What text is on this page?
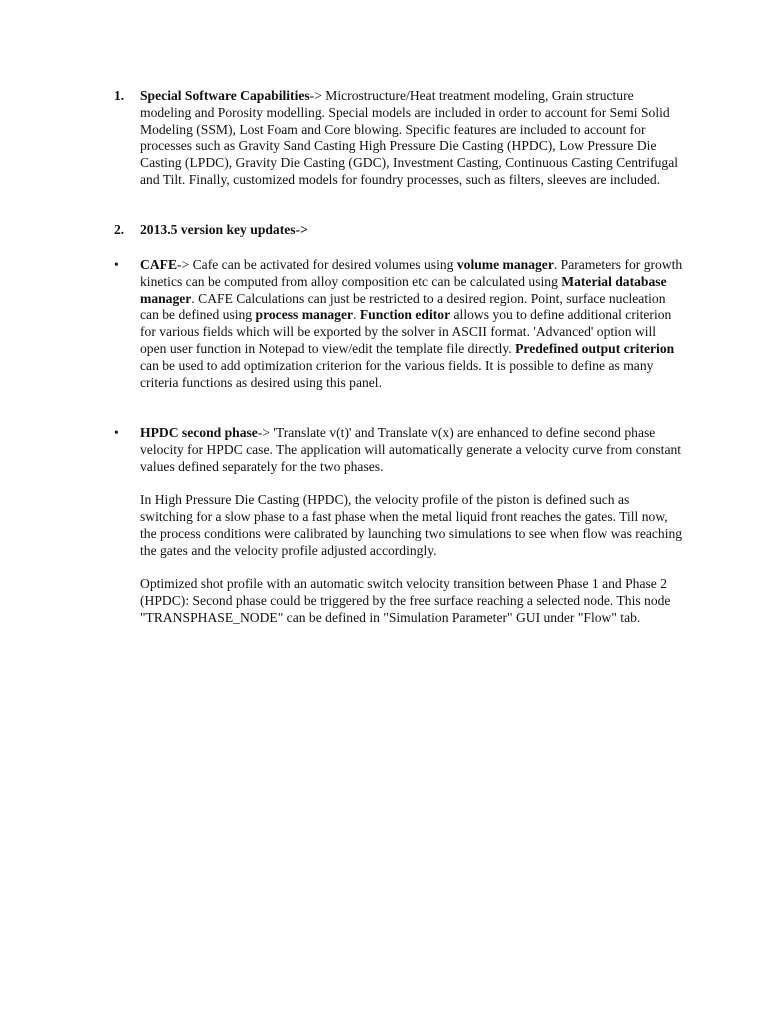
1. Special Software Capabilities-> Microstructure/Heat treatment modeling, Grain structure modeling and Porosity modelling. Special models are included in order to account for Semi Solid Modeling (SSM), Lost Foam and Core blowing. Specific features are included to account for processes such as Gravity Sand Casting High Pressure Die Casting (HPDC), Low Pressure Die Casting (LPDC), Gravity Die Casting (GDC), Investment Casting, Continuous Casting Centrifugal and Tilt. Finally, customized models for foundry processes, such as filters, sleeves are included.

2. 2013.5 version key updates->

• CAFE-> Cafe can be activated for desired volumes using volume manager. Parameters for growth kinetics can be computed from alloy composition etc can be calculated using Material database manager. CAFE Calculations can just be restricted to a desired region. Point, surface nucleation can be defined using process manager. Function editor allows you to define additional criterion for various fields which will be exported by the solver in ASCII format. 'Advanced' option will open user function in Notepad to view/edit the template file directly. Predefined output criterion can be used to add optimization criterion for the various fields. It is possible to define as many criteria functions as desired using this panel.

• HPDC second phase-> 'Translate v(t)' and Translate v(x) are enhanced to define second phase velocity for HPDC case. The application will automatically generate a velocity curve from constant values defined separately for the two phases.

In High Pressure Die Casting (HPDC), the velocity profile of the piston is defined such as switching for a slow phase to a fast phase when the metal liquid front reaches the gates. Till now, the process conditions were calibrated by launching two simulations to see when flow was reaching the gates and the velocity profile adjusted accordingly.

Optimized shot profile with an automatic switch velocity transition between Phase 1 and Phase 2 (HPDC): Second phase could be triggered by the free surface reaching a selected node. This node "TRANSPHASE_NODE" can be defined in "Simulation Parameter" GUI under "Flow" tab.
